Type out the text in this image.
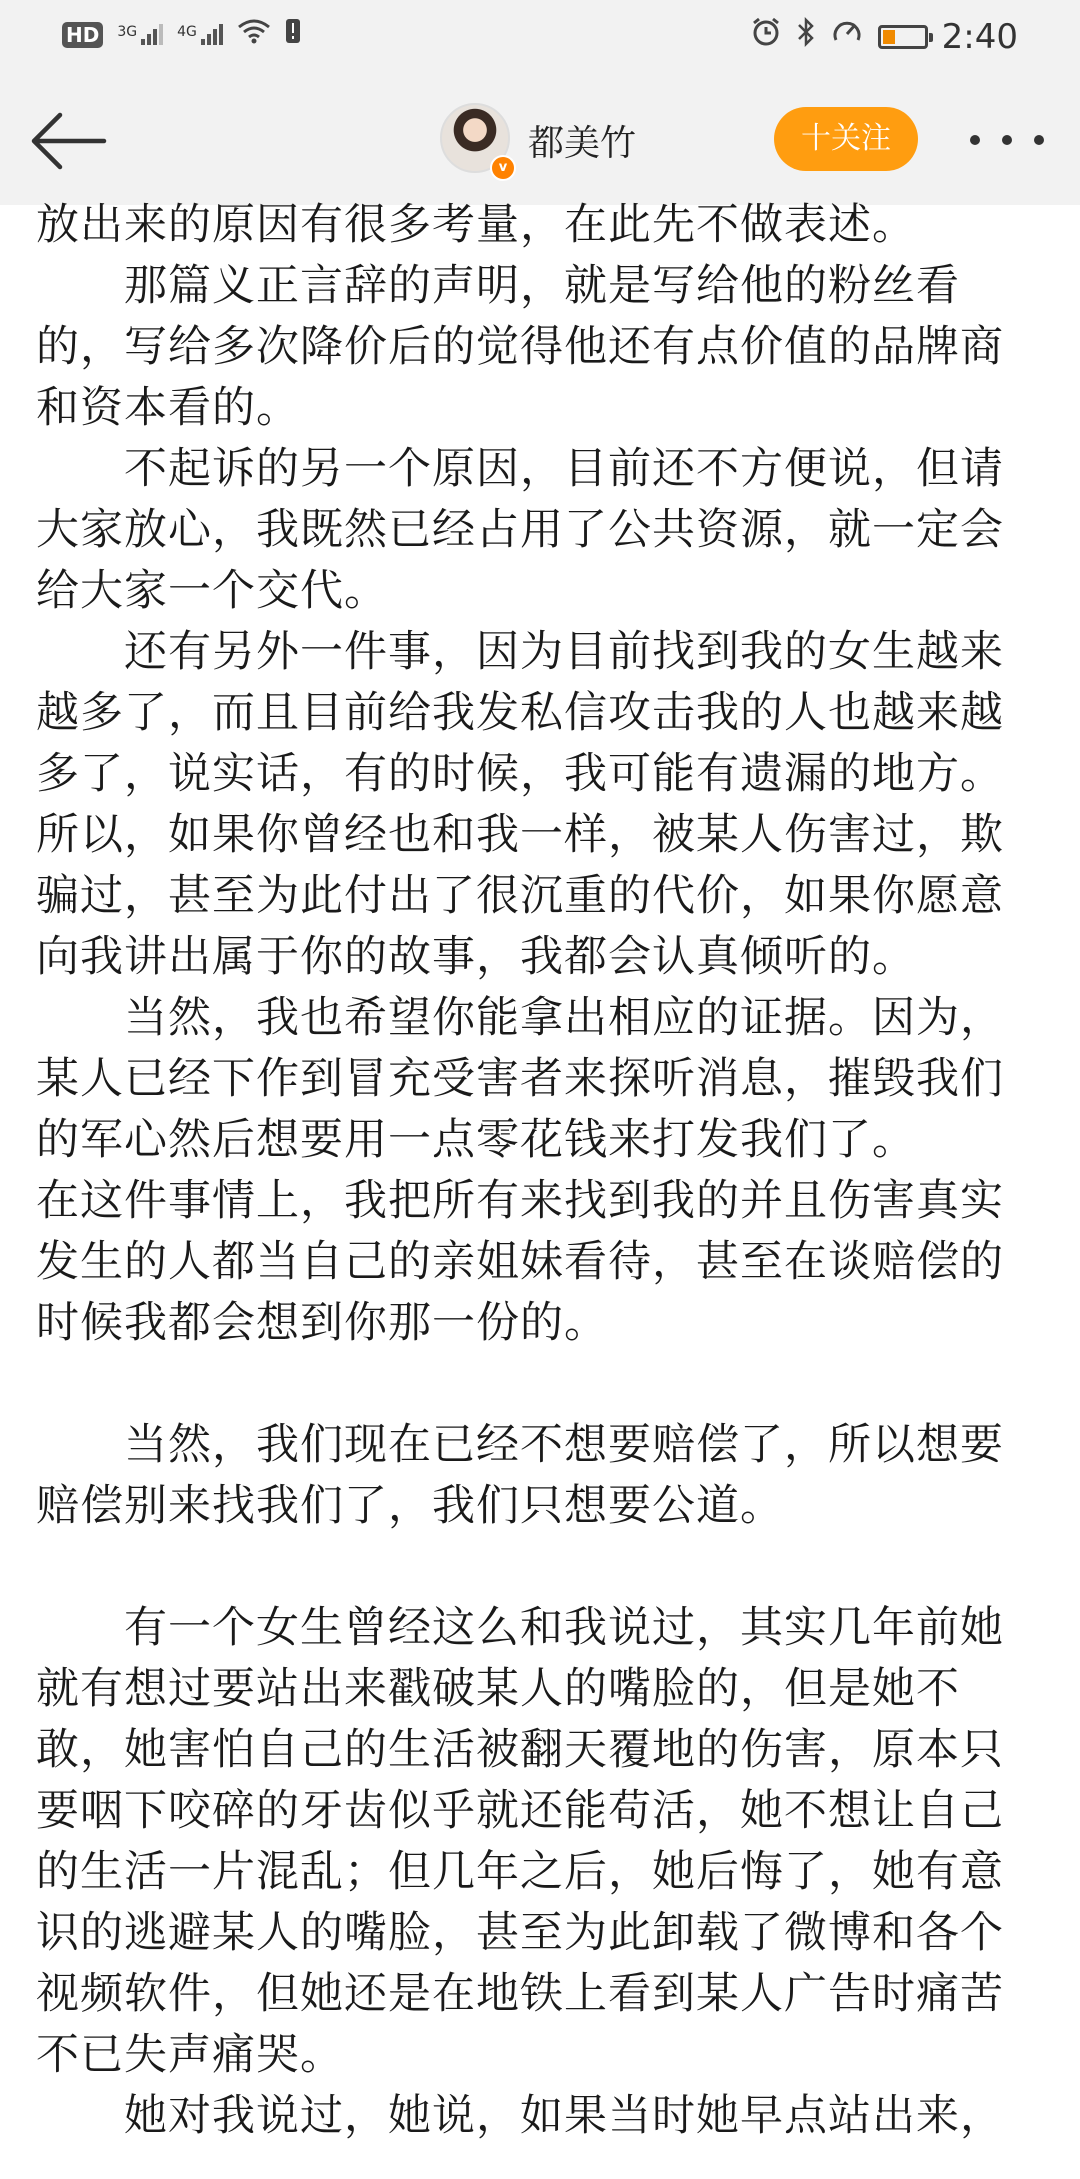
HD 3G	4G	2:40
v
都美竹	十关注

放出来的原因有很多考量，在此先不做表述。

　　那篇义正言辞的声明，就是写给他的粉丝看的，写给多次降价后的觉得他还有点价值的品牌商和资本看的。

　　不起诉的另一个原因，目前还不方便说，但请大家放心，我既然已经占用了公共资源，就一定会给大家一个交代。

　　还有另外一件事，因为目前找到我的女生越来越多了，而且目前给我发私信攻击我的人也越来越多了，说实话，有的时候，我可能有遗漏的地方。所以，如果你曾经也和我一样，被某人伤害过，欺骗过，甚至为此付出了很沉重的代价，如果你愿意向我讲出属于你的故事，我都会认真倾听的。

　　当然，我也希望你能拿出相应的证据。因为，某人已经下作到冒充受害者来探听消息，摧毁我们的军心然后想要用一点零花钱来打发我们了。

在这件事情上，我把所有来找到我的并且伤害真实发生的人都当自己的亲姐妹看待，甚至在谈赔偿的时候我都会想到你那一份的。

　　当然，我们现在已经不想要赔偿了，所以想要赔偿别来找我们了，我们只想要公道。

　　有一个女生曾经这么和我说过，其实几年前她就有想过要站出来戳破某人的嘴脸的，但是她不敢，她害怕自己的生活被翻天覆地的伤害，原本只要咽下咬碎的牙齿似乎就还能苟活，她不想让自己的生活一片混乱；但几年之后，她后悔了，她有意识的逃避某人的嘴脸，甚至为此卸载了微博和各个视频软件，但她还是在地铁上看到某人广告时痛苦不已失声痛哭。

　　她对我说过，她说，如果当时她早点站出来，
